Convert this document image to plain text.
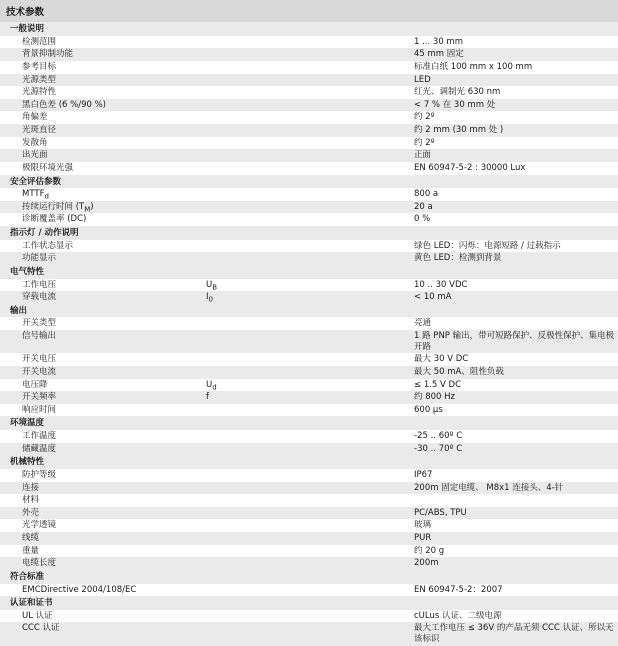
技术参数
一般说明		
检测范围		1 ... 30 mm
背景抑制功能		45 mm 固定
参考目标		标准白纸 100 mm x 100 mm
光源类型		LED
光源特性		红光、调制光 630 nm
黑白色差 (6 %/90 %)		< 7 % 在 30 mm 处
角偏差		约 2º
光斑直径		约 2 mm (30 mm 处 )
发散角		约 2º
出光面		正面
极限环境光强		EN 60947-5-2 : 30000 Lux
安全评估参数		
$MTTF_d$		800 a
抟续运行时间 $(T_M)$		20 a
诊断覆盖率 (DC)		0 %
指示灯 / 动作说明		
工作状态显示		绿色 LED：闪烁：电源短路 / 过载指示
功能显示		黄色 LED：检测到背景
电气特性		
工作电压	$U_B$	10 .. 30 VDC
穿载电流	$I_0$	< 10 mA
输出		
开关类型		亮通
信号输出		1 路 PNP 输出，带可短路保护、反极性保护、集电极开路
开关电压		最大 30 V DC
开关电流		最大 50 mA、阻性负载
电压降	$U_d$	≤ 1.5 V DC
开关频率	f	约 800 Hz
响应时间		600 µs
环境温度		
工作温度		-25 .. 60º C
储藏温度		-30 .. 70º C
机械特性		
防护等级		IP67
连接		200m 固定电缆、 M8x1 连接头、4-针
材料		
外売		PC/ABS, TPU
光学透镜		玻璃
线缆		PUR
重量		约 20 g
电缆长度		200m
符合标准		
EMCDirective 2004/108/EC		EN 60947-5-2：2007
认证和证书		
UL 认证		cULus 认证、二级电源
CCC 认证		最大工作电压 ≤ 36V 的产品无须 CCC 认证、所以无该标识
